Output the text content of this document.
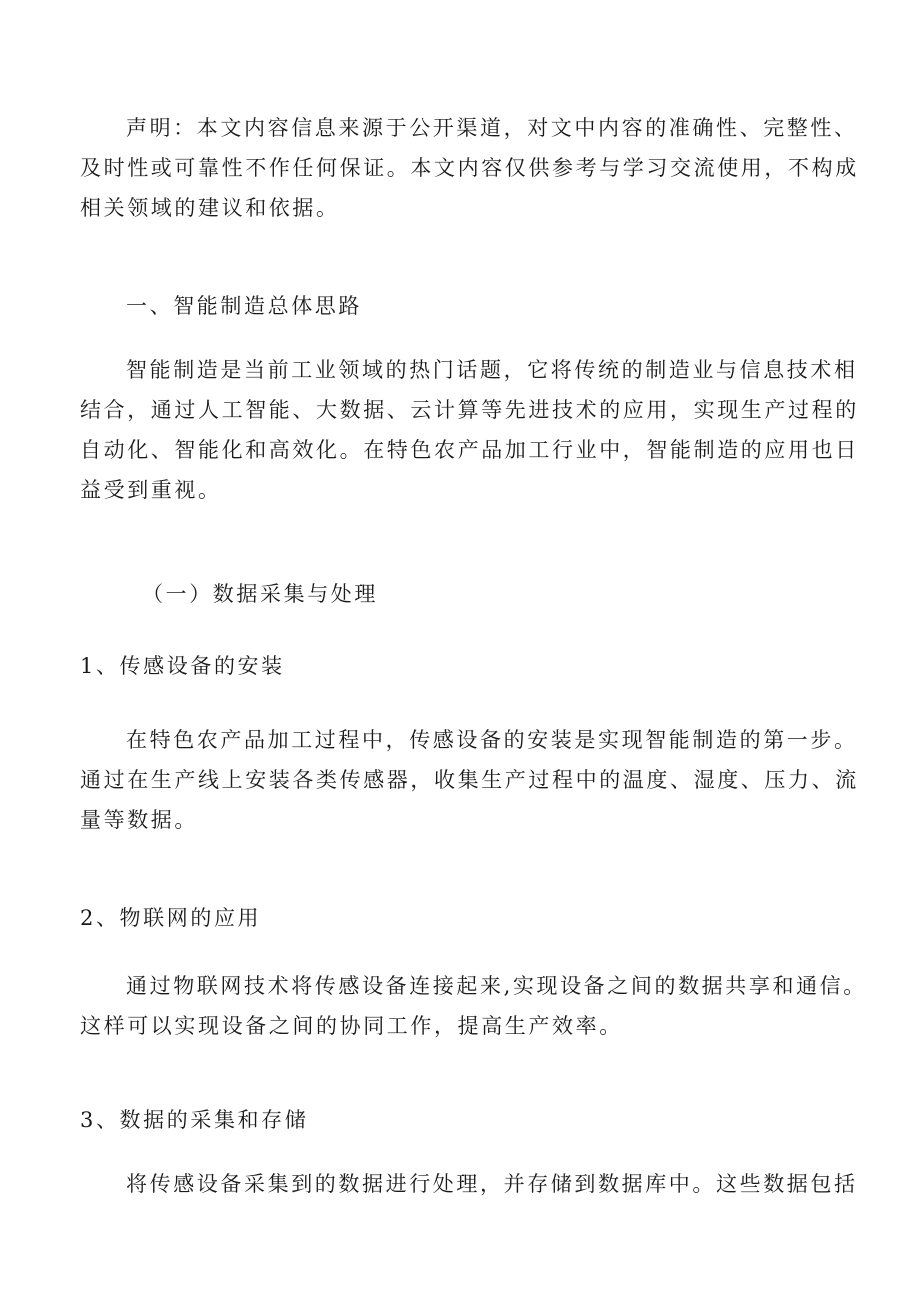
声明：本文内容信息来源于公开渠道，对文中内容的准确性、完整性、
及时性或可靠性不作任何保证。本文内容仅供参考与学习交流使用，不构成
相关领域的建议和依据。
一、智能制造总体思路
智能制造是当前工业领域的热门话题，它将传统的制造业与信息技术相
结合，通过人工智能、大数据、云计算等先进技术的应用，实现生产过程的
自动化、智能化和高效化。在特色农产品加工行业中，智能制造的应用也日
益受到重视。
（一）数据采集与处理
1、传感设备的安装
在特色农产品加工过程中，传感设备的安装是实现智能制造的第一步。
通过在生产线上安装各类传感器，收集生产过程中的温度、湿度、压力、流
量等数据。
2、物联网的应用
通过物联网技术将传感设备连接起来,实现设备之间的数据共享和通信。
这样可以实现设备之间的协同工作，提高生产效率。
3、数据的采集和存储
将传感设备采集到的数据进行处理，并存储到数据库中。这些数据包括
